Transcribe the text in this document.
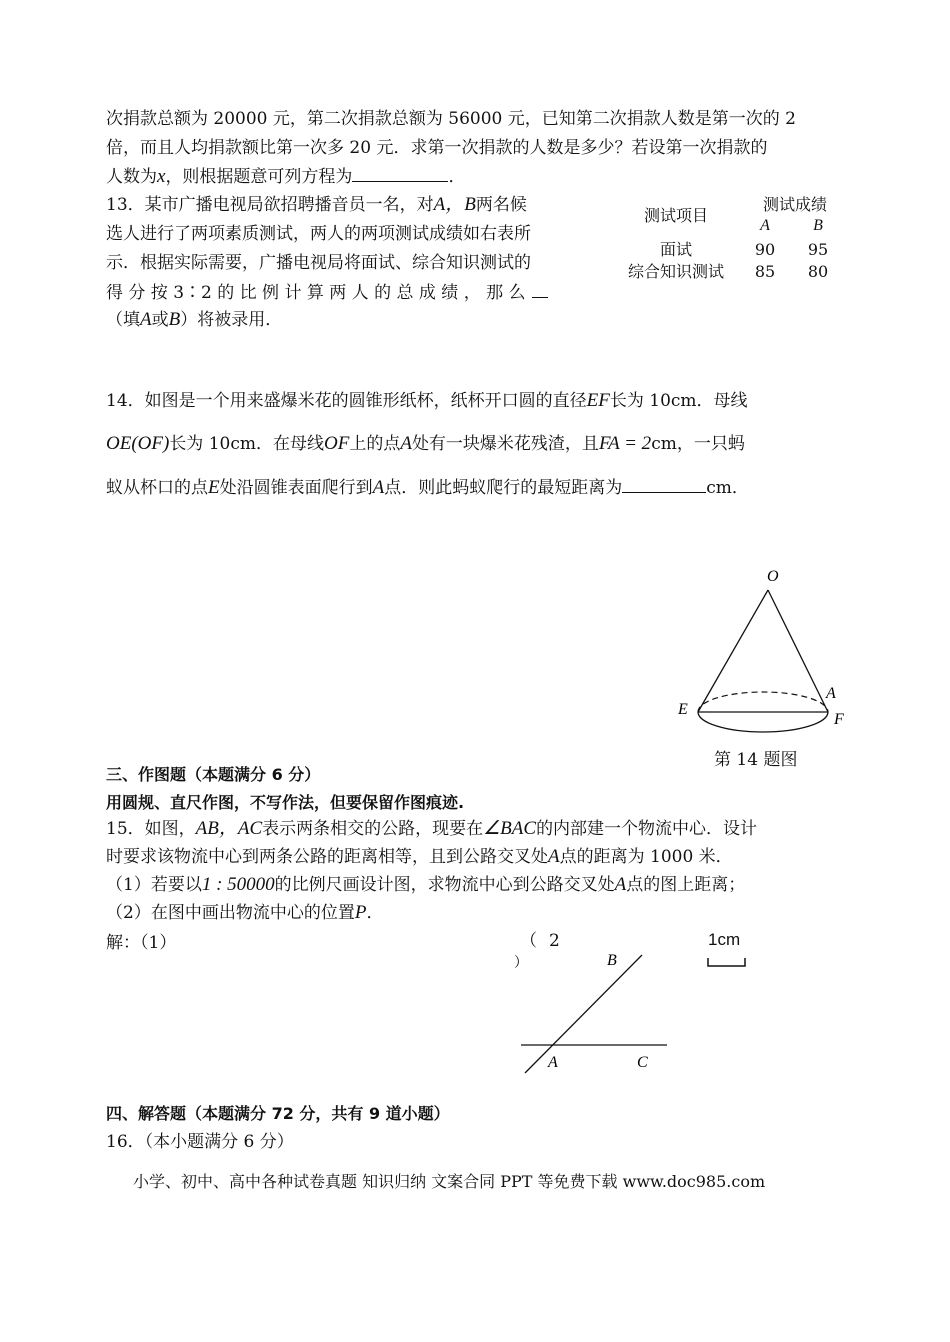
次捐款总额为 20000 元，第二次捐款总额为 56000 元，已知第二次捐款人数是第一次的 2
倍，而且人均捐款额比第一次多 20 元．求第一次捐款的人数是多少？若设第一次捐款的
人数为x，则根据题意可列方程为	．
13．某市广播电视局欲招聘播音员一名，对A，B两名候
选人进行了两项素质测试，两人的两项测试成绩如右表所
示．根据实际需要，广播电视局将面试、综合知识测试的
得 分 按 3∶2 的 比 例 计 算 两 人 的 总 成 绩 ， 那 么
（填A或B）将被录用．
测试项目
测试成绩
A	B
面试	90	95
综合知识测试	85	80
14．如图是一个用来盛爆米花的圆锥形纸杯，纸杯开口圆的直径EF长为 10cm．母线
OE(OF)长为 10cm．在母线OF上的点A处有一块爆米花残渣，且FA = 2cm，一只蚂
蚁从杯口的点E处沿圆锥表面爬行到A点．则此蚂蚁爬行的最短距离为	cm．
O
A
E
F
第 14 题图
三、作图题（本题满分 6 分）
用圆规、直尺作图，不写作法，但要保留作图痕迹.
15．如图，AB，AC表示两条相交的公路，现要在∠BAC的内部建一个物流中心．设计
时要求该物流中心到两条公路的距离相等，且到公路交叉处A点的距离为 1000 米．
（1）若要以1 : 50000的比例尺画设计图，求物流中心到公路交叉处A点的图上距离；
（2）在图中画出物流中心的位置P．
解：（1）	（ 2
）
1cm
B
A	C
四、解答题（本题满分 72 分，共有 9 道小题）
16．（本小题满分 6 分）
小学、初中、高中各种试卷真题 知识归纳 文案合同 PPT 等免费下载 www.doc985.com
